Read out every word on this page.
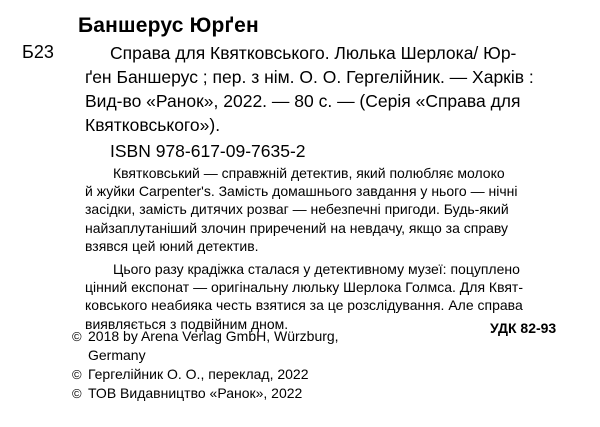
Баншерус Юрґен
Б23	Справа для Квятковського. Люлька Шерлока/ Юр-
ґен Баншерус ; пер. з нім. О. О. Гергелійник. — Харків :
Вид-во «Ранок», 2022. — 80 с. — (Серія «Справа для
Квятковського»).
ISBN 978-617-09-7635-2
Квятковський — справжній детектив, який полюбляє молоко
й жуйки Carpenter's. Замість домашнього завдання у нього — нічні
засідки, замість дитячих розваг — небезпечні пригоди. Будь-який
найзаплутаніший злочин приречений на невдачу, якщо за справу
взявся цей юний детектив.
Цього разу крадіжка сталася у детективному музеї: поцуплено
цінний експонат — оригінальну люльку Шерлока Голмса. Для Квят-
ковського неабияка честь взятися за це розслідування. Але справа
виявляється з подвійним дном.	УДК 82-93
© 2018 by Arena Verlag GmbH, Würzburg,
Germany
© Гергелійник О. О., переклад, 2022
© ТОВ Видавництво «Ранок», 2022
